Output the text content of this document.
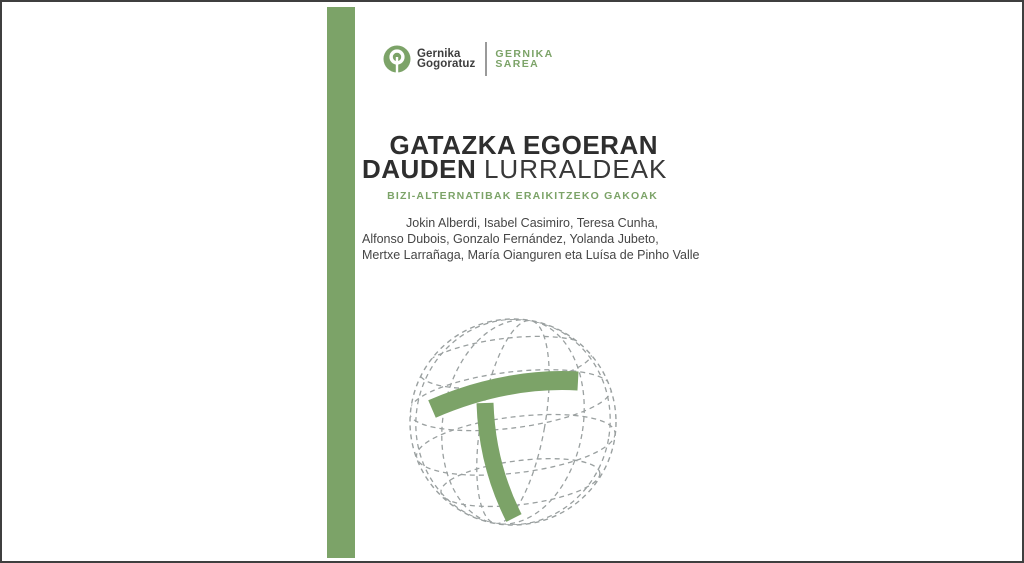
Gernika
Gogoratuz
GERNIKA
SAREA
GATAZKA EGOERAN
DAUDEN LURRALDEAK
BIZI-ALTERNATIBAK ERAIKITZEKO GAKOAK
Jokin Alberdi, Isabel Casimiro, Teresa Cunha,
Alfonso Dubois, Gonzalo Fernández, Yolanda Jubeto,
Mertxe Larrañaga, María Oianguren eta Luísa de Pinho Valle
